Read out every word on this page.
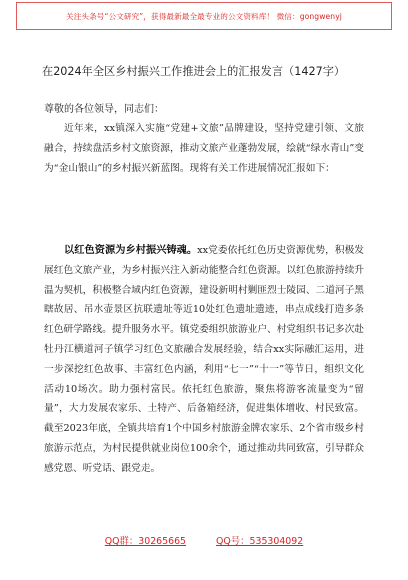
关注头条号“公文研究”，获得最新最全最专业的公文资料库！ 微信：gongwenyj
在2024年全区乡村振兴工作推进会上的汇报发言（1427字）
尊敬的各位领导，同志们：
近年来，xx镇深入实施“党建+文旅”品牌建设，坚持党建引领、文旅融合，持续盘活乡村文旅资源，推动文旅产业蓬勃发展，绘就“绿水青山”变为“金山银山”的乡村振兴新蓝图。现将有关工作进展情况汇报如下：
以红色资源为乡村振兴铸魂。xx党委依托红色历史资源优势，积极发展红色文旅产业，为乡村振兴注入新动能整合红色资源。以红色旅游持续升温为契机，积极整合域内红色资源，建设新明村剿匪烈士陵园、二道河子黑瞎故居、吊水壶景区抗联遗址等近10处红色遗址遗迹，串点成线打造多条红色研学路线。提升服务水平。镇党委组织旅游业户、村党组织书记多次赴牡丹江横道河子镇学习红色文旅融合发展经验，结合xx实际融汇运用，进一步深挖红色故事、丰富红色内涵，利用“七一”“十一”等节日，组织文化活动10场次。助力强村富民。依托红色旅游，聚焦将游客流量变为“留量”，大力发展农家乐、土特产、后备箱经济，促进集体增收、村民致富。截至2023年底，全镇共培育1个中国乡村旅游金牌农家乐、2个省市级乡村旅游示范点，为村民提供就业岗位100余个，通过推动共同致富，引导群众感党恩、听党话、跟党走。
QQ群：30265665	QQ号：535304092
